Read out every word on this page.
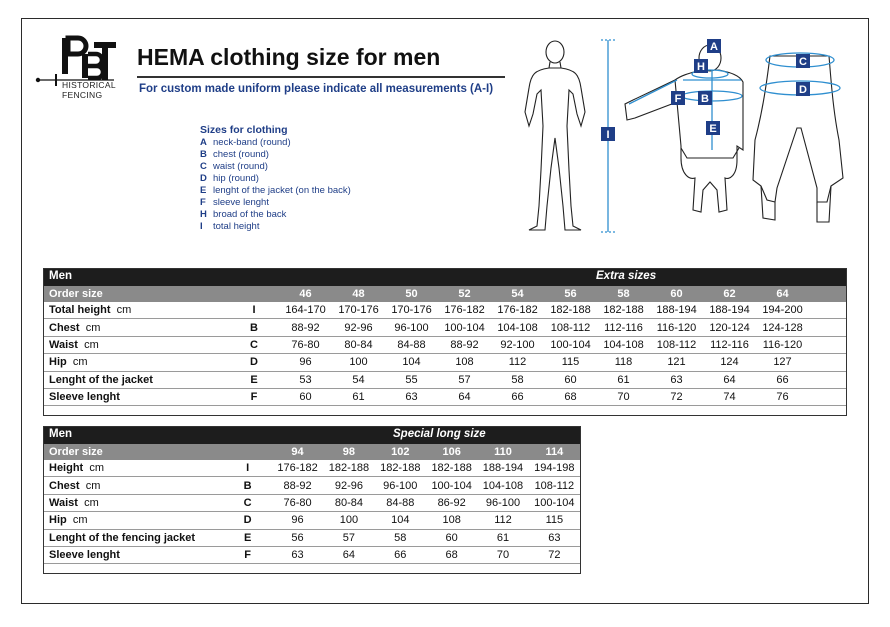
HISTORICAL
FENCING
HEMA clothing size for men
For custom made uniform please indicate all measurements (A-I)
Sizes for clothing
A neck-band (round)
B chest (round)
C waist (round)
D hip (round)
E lenght of the jacket (on the back)
F sleeve lenght
H broad of the back
I total height
A
H
F B
E
I
C
D
Men	Extra sizes
Order size	46	48	50	52	54	56	58	60	62	64
Total height cm	I	164-170	170-176	170-176	176-182	176-182	182-188	182-188	188-194	188-194	194-200
Chest cm	B	88-92	92-96	96-100	100-104	104-108	108-112	112-116	116-120	120-124	124-128
Waist cm	C	76-80	80-84	84-88	88-92	92-100	100-104	104-108	108-112	112-116	116-120
Hip cm	D	96	100	104	108	112	115	118	121	124	127
Lenght of the jacket	E	53	54	55	57	58	60	61	63	64	66
Sleeve lenght	F	60	61	63	64	66	68	70	72	74	76
Men	Special long size
Order size	94	98	102	106	110	114
Height cm	I	176-182 182-188 182-188 182-188 188-194 194-198
Chest cm	B	88-92	92-96	96-100	100-104 104-108	108-112
Waist cm	C	76-80	80-84	84-88	86-92	96-100	100-104
Hip cm	D	96	100	104	108	112	115
Lenght of the fencing jacket	E	56	57	58	60	61	63
Sleeve lenght	F	63	64	66	68	70	72
